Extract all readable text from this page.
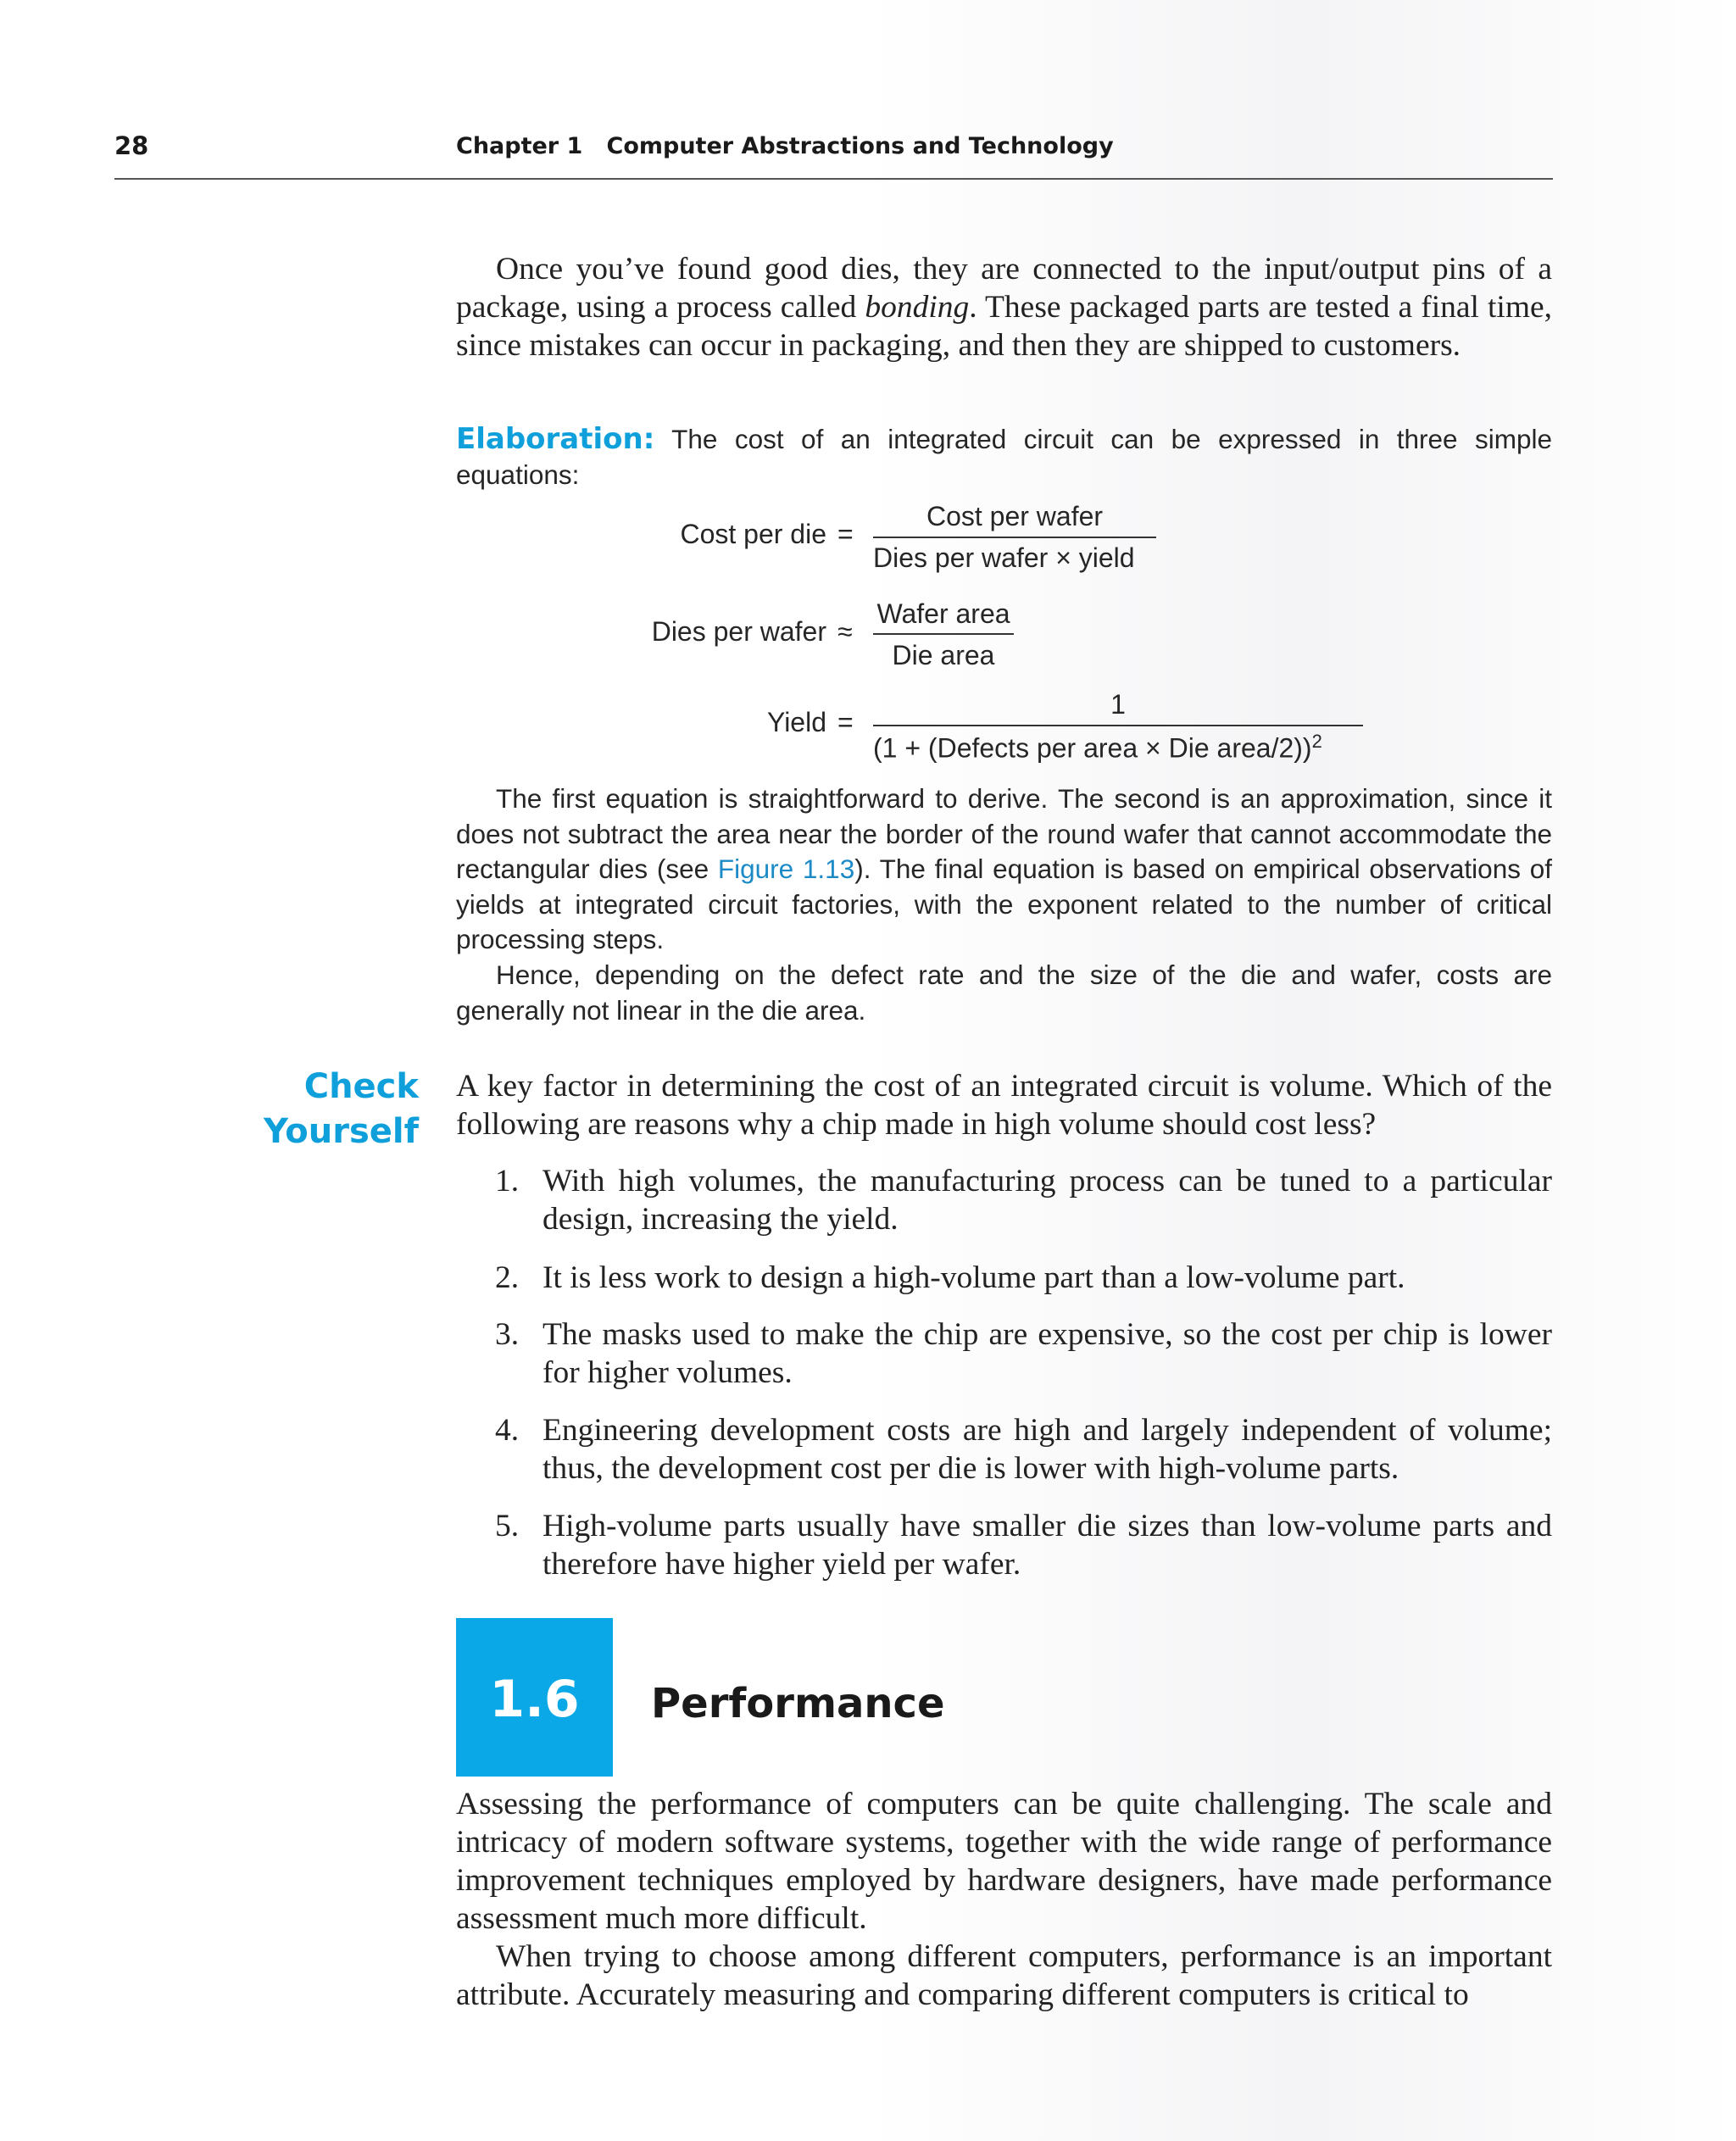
28	Chapter 1   Computer Abstractions and Technology

Once you’ve found good dies, they are connected to the input/output pins of a package, using a process called bonding. These packaged parts are tested a final time, since mistakes can occur in packaging, and then they are shipped to customers.

Elaboration: The cost of an integrated circuit can be expressed in three simple equations:

Cost per die =
Cost per wafer
Dies per wafer × yield
Dies per wafer ≈
Wafer area
Die area
Yield =
1
(1 + (Defects per area × Die area/2))$^2$

The first equation is straightforward to derive. The second is an approximation, since it does not subtract the area near the border of the round wafer that cannot accommodate the rectangular dies (see Figure 1.13). The final equation is based on empirical observations of yields at integrated circuit factories, with the exponent related to the number of critical processing steps.

Hence, depending on the defect rate and the size of the die and wafer, costs are generally not linear in the die area.

Check
Yourself

A key factor in determining the cost of an integrated circuit is volume. Which of the following are reasons why a chip made in high volume should cost less?

1. With high volumes, the manufacturing process can be tuned to a particular design, increasing the yield.
2. It is less work to design a high-volume part than a low-volume part.
3. The masks used to make the chip are expensive, so the cost per chip is lower for higher volumes.
4. Engineering development costs are high and largely independent of volume; thus, the development cost per die is lower with high-volume parts.
5. High-volume parts usually have smaller die sizes than low-volume parts and therefore have higher yield per wafer.
1.6	Performance

Assessing the performance of computers can be quite challenging. The scale and intricacy of modern software systems, together with the wide range of performance improvement techniques employed by hardware designers, have made performance assessment much more difficult.

When trying to choose among different computers, performance is an important attribute. Accurately measuring and comparing different computers is critical to
